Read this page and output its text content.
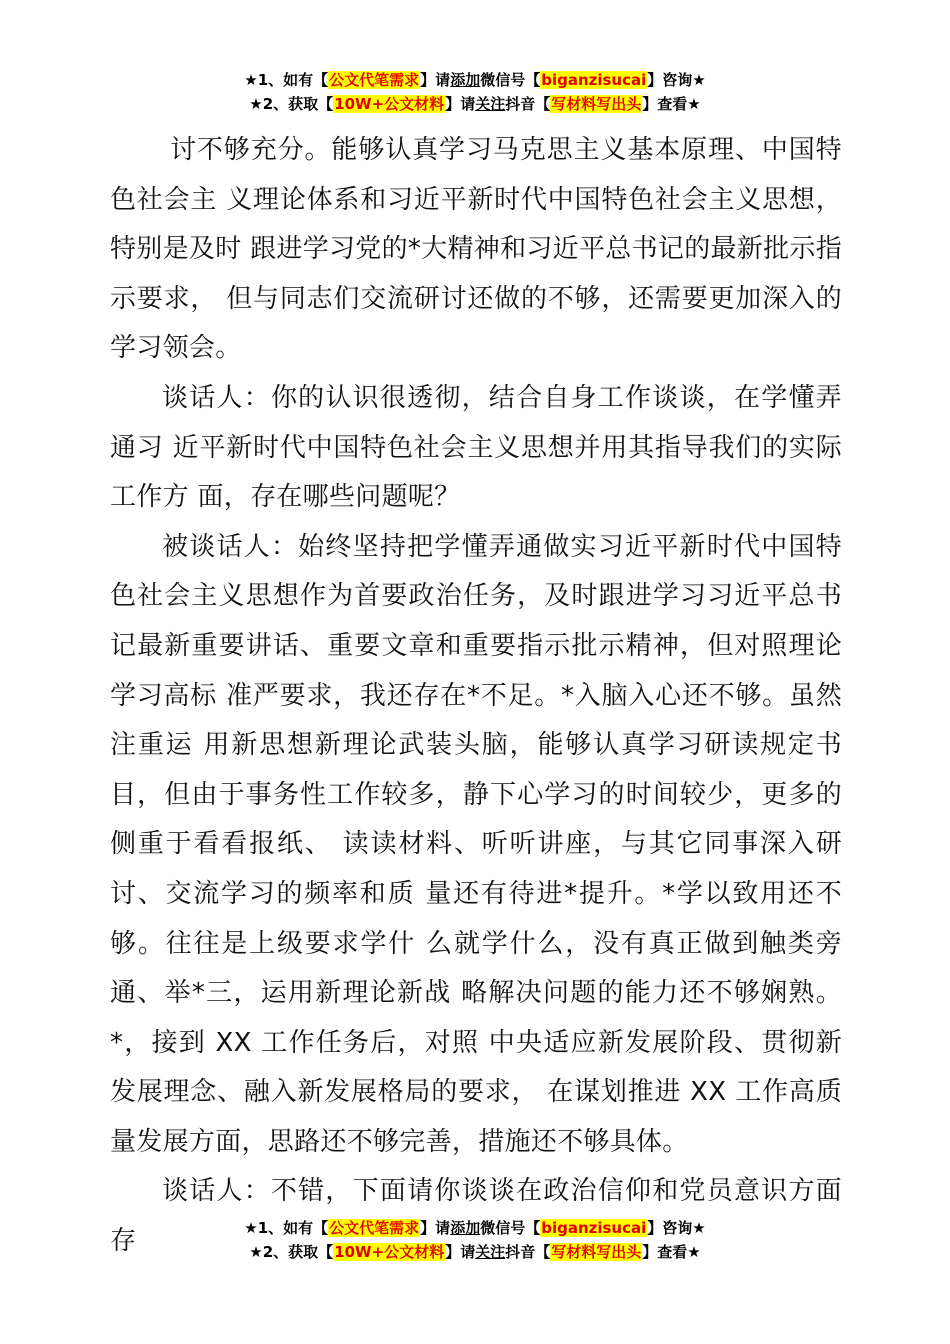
★1、如有【公文代笔需求】请添加微信号【biganzisucai】咨询★
★2、获取【10W+公文材料】请关注抖音【写材料写出头】查看★

讨不够充分。能够认真学习马克思主义基本原理、中国特色社会主 义理论体系和习近平新时代中国特色社会主义思想，特别是及时 跟进学习党的*大精神和习近平总书记的最新批示指示要求， 但与同志们交流研讨还做的不够，还需要更加深入的学习领会。

谈话人：你的认识很透彻，结合自身工作谈谈，在学懂弄通习 近平新时代中国特色社会主义思想并用其指导我们的实际工作方 面，存在哪些问题呢？

被谈话人：始终坚持把学懂弄通做实习近平新时代中国特色社会主义思想作为首要政治任务，及时跟进学习习近平总书记最新重要讲话、重要文章和重要指示批示精神，但对照理论学习高标 准严要求，我还存在*不足。*入脑入心还不够。虽然注重运 用新思想新理论武装头脑，能够认真学习研读规定书目，但由于事务性工作较多，静下心学习的时间较少，更多的侧重于看看报纸、 读读材料、听听讲座，与其它同事深入研讨、交流学习的频率和质 量还有待进*提升。*学以致用还不够。往往是上级要求学什 么就学什么，没有真正做到触类旁通、举*三，运用新理论新战 略解决问题的能力还不够娴熟。*，接到 XX 工作任务后，对照 中央适应新发展阶段、贯彻新发展理念、融入新发展格局的要求， 在谋划推进 XX 工作高质量发展方面，思路还不够完善，措施还不够具体。

谈话人：不错，下面请你谈谈在政治信仰和党员意识方面存	★1、如有【公文代笔需求】请添加微信号【biganzisucai】咨询★
★2、获取【10W+公文材料】请关注抖音【写材料写出头】查看★
